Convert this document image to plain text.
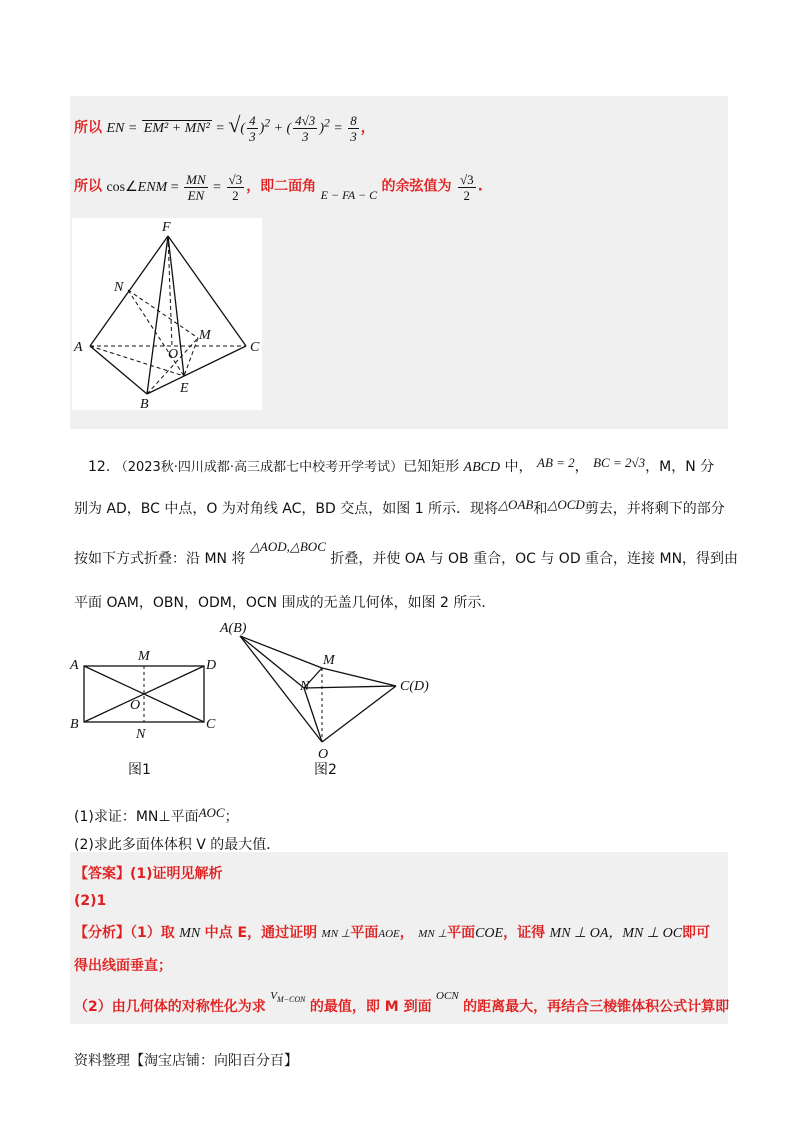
所以 EN = EM² + MN² = √( $\frac{4}{3} )^2$ + ( $\frac{4√3}{3} )^2 = \frac{8}{3}$ ，
所以 cos∠ENM = $\frac{MN}{EN} = \frac{√3}{2}$ ，即二面角 E − FA − C 的余弦值为 $\frac{√3}{2}$ .
F
N
M
A	O	C
E
B
12. （2023秋·四川成都·高三成都七中校考开学考试）已知矩形 ABCD 中， AB = 2， BC = 2√3，M，N 分
别为 AD，BC 中点，O 为对角线 AC，BD 交点，如图 1 所示．现将△OAB和△OCD剪去，并将剩下的部分
按如下方式折叠：沿 MN 将 △AOD,△BOC 折叠，并使 OA 与 OB 重合，OC 与 OD 重合，连接 MN，得到由
平面 OAM，OBN，ODM，OCN 围成的无盖几何体，如图 2 所示．
A
M
D
O
B
N
C
图1
A(B)
M
N	C(D)
O
图2
(1)求证：MN⊥平面AOC；
(2)求此多面体体积 V 的最大值．
【答案】(1)证明见解析
(2)1
【分析】（1）取 MN 中点 E，通过证明 MN ⊥平面AOE， MN ⊥平面COE，证得 MN ⊥ OA，MN ⊥ OC即可
得出线面垂直；
（2）由几何体的对称性化为求 $^{V_{M-CON}}$ 的最值，即 M 到面 $^{OCN}$ 的距离最大，再结合三棱锥体积公式计算即
资料整理【淘宝店铺：向阳百分百】
